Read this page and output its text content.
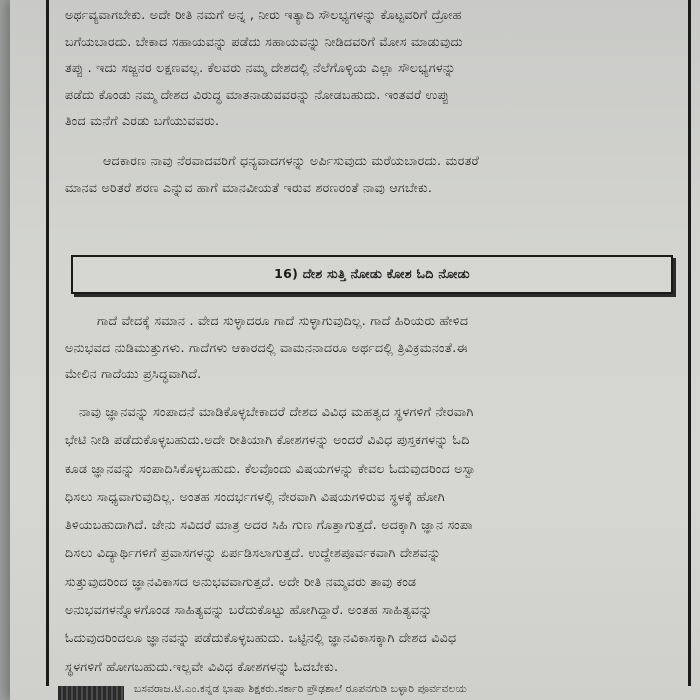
ಅರ್ಥವ್ಯವಾಗಬೇಕು. ಅದೇ ರೀತಿ ನಮಗೆ ಅನ್ನ , ನೀರು ಇತ್ಯಾದಿ ಸೌಲಭ್ಯಗಳನ್ನು ಕೊಟ್ಟವರಿಗೆ ದ್ರೋಹ
ಬಗೆಯಬಾರದು. ಬೇಕಾದ ಸಹಾಯವನ್ನು ಪಡೆದು ಸಹಾಯವನ್ನು ನೀಡಿದವರಿಗೆ ಮೋಸ ಮಾಡುವುದು
ತಪ್ಪು . ಇದು ಸಜ್ಜನರ ಲಕ್ಷಣವಲ್ಲ. ಕೆಲವರು ನಮ್ಮ ದೇಶದಲ್ಲಿ ನೆಲೆಗೊಳ್ಳಿಯ ಎಲ್ಲಾ ಸೌಲಭ್ಯಗಳನ್ನು
ಪಡೆದು ಕೊಂಡು ನಮ್ಮ ದೇಶದ ವಿರುದ್ಧ ಮಾತನಾಡುವವರನ್ನು ನೋಡಬಹುದು. ಇಂತವರೆ ಉಪ್ಪು
ತಿಂದ ಮನೆಗೆ ಎರಡು ಬಗೆಯುವವರು.

ಆದಕಾರಣ ನಾವು ನೆರವಾದವರಿಗೆ ಧನ್ಯವಾದಗಳನ್ನು ಅರ್ಪಿಸುವುದು ಮರೆಯಬಾರದು. ಮರತರೆ
ಮಾನವ ಅರಿತರೆ ಶರಣ ಎನ್ನುವ ಹಾಗೆ ಮಾನವೀಯತೆ ಇರುವ ಶರಣರಂತೆ ನಾವು ಆಗಬೇಕು.

16) ದೇಶ ಸುತ್ತಿ ನೋಡು ಕೋಶ ಓದಿ ನೋಡು

ಗಾದೆ ವೇದಕ್ಕೆ ಸಮಾನ . ವೇದ ಸುಳ್ಳಾದರೂ ಗಾದೆ ಸುಳ್ಳಾಗುವುದಿಲ್ಲ. ಗಾದೆ ಹಿರಿಯರು ಹೇಳಿದ
ಅನುಭವದ ನುಡಿಮುತ್ತುಗಳು. ಗಾದೆಗಳು ಆಕಾರದಲ್ಲಿ ವಾಮನನಾದರೂ ಅರ್ಥದಲ್ಲಿ ತ್ರಿವಿಕ್ರಮನಂತೆ.ಈ
ಮೇಲಿನ ಗಾದೆಯು ಪ್ರಸಿದ್ಧವಾಗಿದೆ.

ನಾವು ಜ್ಞಾನವನ್ನು ಸಂಪಾದನೆ ಮಾಡಿಕೊಳ್ಳಬೇಕಾದರೆ ದೇಶದ ವಿವಿಧ ಮಹತ್ವದ ಸ್ಥಳಗಳಿಗೆ ನೇರವಾಗಿ
ಭೇಟಿ ನೀಡಿ ಪಡೆದುಕೊಳ್ಳಬಹುದು.ಅದೇ ರೀತಿಯಾಗಿ ಕೋಶಗಳನ್ನು ಅಂದರೆ ವಿವಿಧ ಪುಸ್ತಕಗಳನ್ನು ಓದಿ
ಕೂಡ ಜ್ಞಾನವನ್ನು ಸಂಪಾದಿಸಿಕೊಳ್ಳಬಹುದು. ಕೆಲವೊಂದು ವಿಷಯಗಳನ್ನು ಕೇವಲ ಓದುವುದರಿಂದ ಅಸ್ವಾ
ಧಿಸಲು ಸಾಧ್ಯವಾಗುವುದಿಲ್ಲ. ಅಂತಹ ಸಂದರ್ಭಗಳಲ್ಲಿ ನೇರವಾಗಿ ವಿಷಯಗಳಿರುವ ಸ್ಥಳಕ್ಕೆ ಹೋಗಿ
ತಿಳಿಯಬಹುದಾಗಿದೆ. ಜೇನು ಸವಿದರೆ ಮಾತ್ರ ಅದರ ಸಿಹಿ ಗುಣ ಗೊತ್ತಾಗುತ್ತದೆ. ಅದಕ್ಕಾಗಿ ಜ್ಞಾನ ಸಂಪಾ
ದಿಸಲು ವಿದ್ಯಾರ್ಥಿಗಳಿಗೆ ಪ್ರವಾಸಗಳನ್ನು ಏರ್ಪಡಿಸಲಾಗುತ್ತದೆ. ಉದ್ದೇಶಪೂರ್ವಕವಾಗಿ ದೇಶವನ್ನು
ಸುತ್ತುವುದರಿಂದ ಜ್ಞಾನವಿಕಾಸದ ಅನುಭವವಾಗುತ್ತದೆ. ಅದೇ ರೀತಿ ನಮ್ಮವರು ತಾವು ಕಂಡ
ಅನುಭವಗಳನ್ನೊಳಗೊಂಡ ಸಾಹಿತ್ಯವನ್ನು ಬರೆದುಕೊಟ್ಟು ಹೋಗಿದ್ದಾರೆ. ಅಂತಹ ಸಾಹಿತ್ಯವನ್ನು
ಓದುವುದರಿಂದಲೂ ಜ್ಞಾನವನ್ನು ಪಡೆದುಕೊಳ್ಳಬಹುದು. ಒಟ್ಟಿನಲ್ಲಿ ಜ್ಞಾನವಿಕಾಸಕ್ಕಾಗಿ ದೇಶದ ವಿವಿಧ
ಸ್ಥಳಗಳಿಗೆ ಹೋಗಬಹುದು.ಇಲ್ಲವೇ ವಿವಿಧ ಕೋಶಗಳನ್ನು ಓದಬೇಕು.

ಬಸವರಾಜ.ಟಿ.ಎಂ.ಕನ್ನಡ ಭಾಷಾ ಶಿಕ್ಷಕರು.ಸರ್ಕಾರಿ ಪ್ರೌಢಶಾಲೆ ರೂಪನಗುಡಿ ಬಳ್ಳಾರಿ ಪೂರ್ವವಲಯ
